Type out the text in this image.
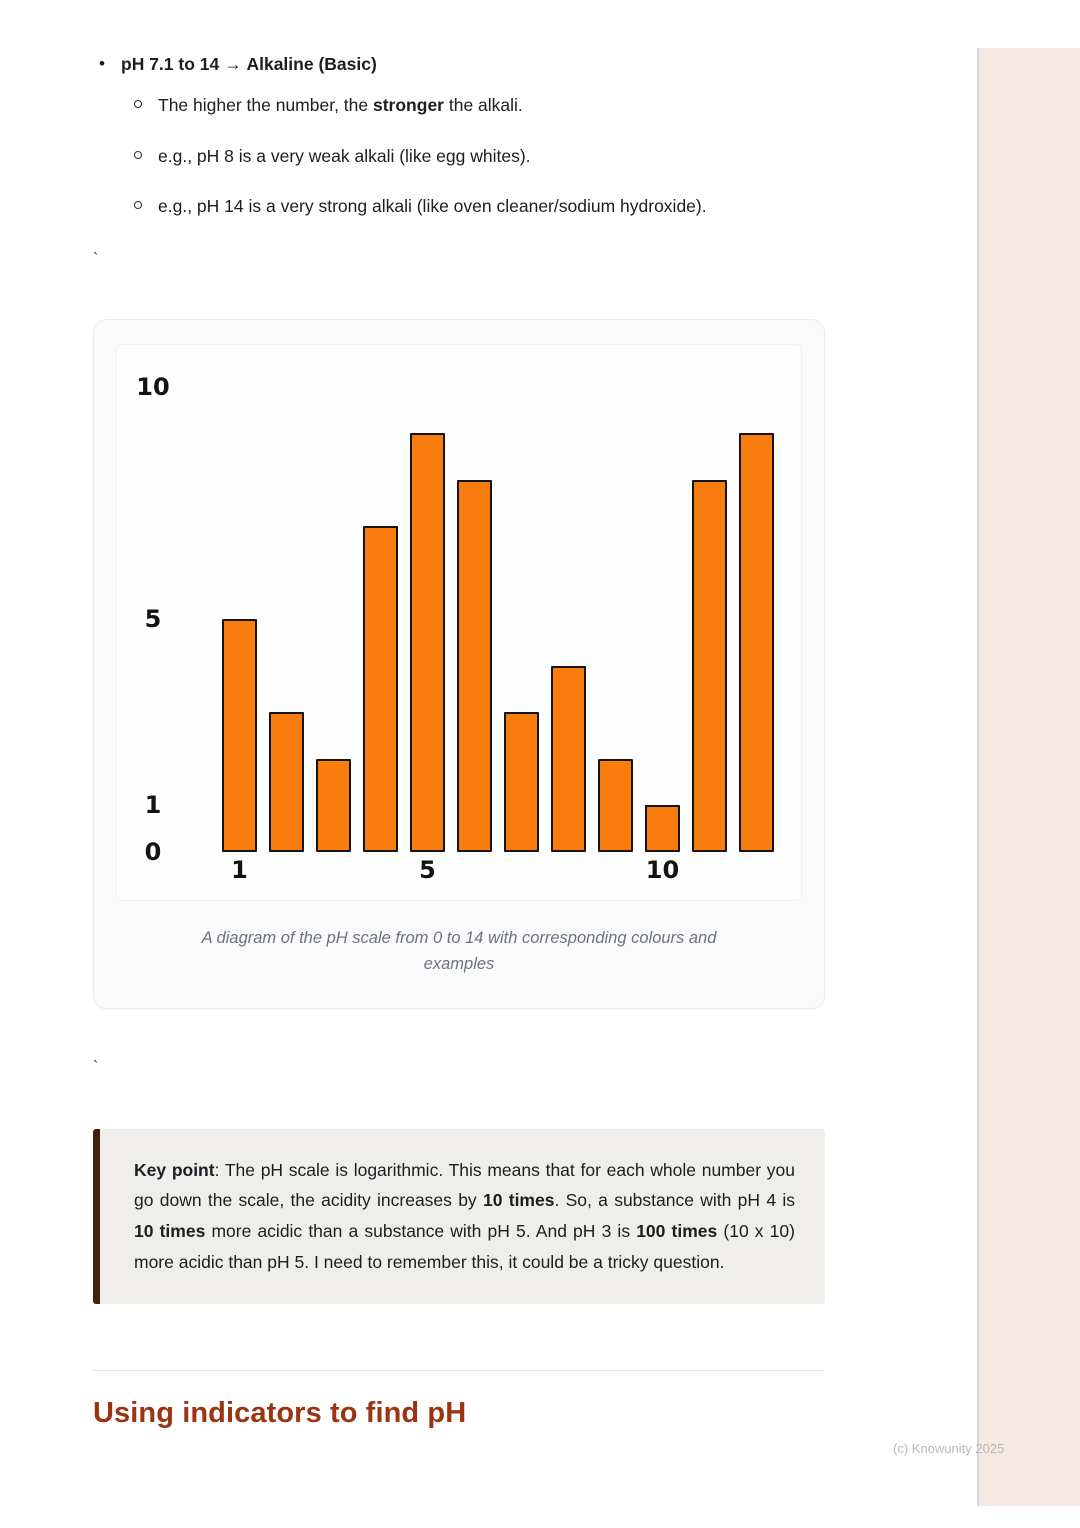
•
pH 7.1 to 14 → Alkaline (Basic)
The higher the number, the stronger the alkali.
e.g., pH 8 is a very weak alkali (like egg whites).
e.g., pH 14 is a very strong alkali (like oven cleaner/sodium hydroxide).
`
10
5
1
0
1	5	10
A diagram of the pH scale from 0 to 14 with corresponding colours and examples
`
Key point: The pH scale is logarithmic. This means that for each whole number you go down the scale, the acidity increases by 10 times. So, a substance with pH 4 is 10 times more acidic than a substance with pH 5. And pH 3 is 100 times (10 x 10) more acidic than pH 5. I need to remember this, it could be a tricky question.
Using indicators to find pH
(c) Knowunity 2025
